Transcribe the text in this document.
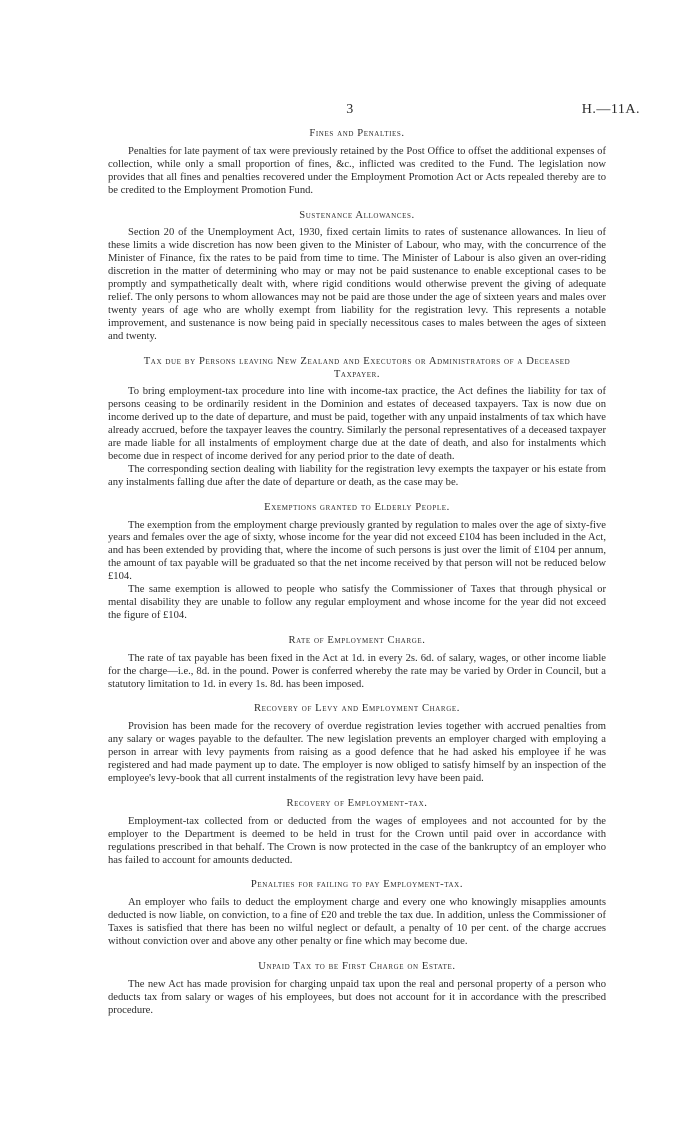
3	H.—11A.
Fines and Penalties.

Penalties for late payment of tax were previously retained by the Post Office to offset the additional expenses of collection, while only a small proportion of fines, &c., inflicted was credited to the Fund. The legislation now provides that all fines and penalties recovered under the Employment Promotion Act or Acts repealed thereby are to be credited to the Employment Promotion Fund.

Sustenance Allowances.

Section 20 of the Unemployment Act, 1930, fixed certain limits to rates of sustenance allowances. In lieu of these limits a wide discretion has now been given to the Minister of Labour, who may, with the concurrence of the Minister of Finance, fix the rates to be paid from time to time. The Minister of Labour is also given an over-riding discretion in the matter of determining who may or may not be paid sustenance to enable exceptional cases to be promptly and sympathetically dealt with, where rigid conditions would otherwise prevent the giving of adequate relief. The only persons to whom allowances may not be paid are those under the age of sixteen years and males over twenty years of age who are wholly exempt from liability for the registration levy. This represents a notable improvement, and sustenance is now being paid in specially necessitous cases to males between the ages of sixteen and twenty.

Tax due by Persons leaving New Zealand and Executors or Administrators of a Deceased Taxpayer.

To bring employment-tax procedure into line with income-tax practice, the Act defines the liability for tax of persons ceasing to be ordinarily resident in the Dominion and estates of deceased taxpayers. Tax is now due on income derived up to the date of departure, and must be paid, together with any unpaid instalments of tax which have already accrued, before the taxpayer leaves the country. Similarly the personal representatives of a deceased taxpayer are made liable for all instalments of employment charge due at the date of death, and also for instalments which become due in respect of income derived for any period prior to the date of death.

The corresponding section dealing with liability for the registration levy exempts the taxpayer or his estate from any instalments falling due after the date of departure or death, as the case may be.

Exemptions granted to Elderly People.

The exemption from the employment charge previously granted by regulation to males over the age of sixty-five years and females over the age of sixty, whose income for the year did not exceed £104 has been included in the Act, and has been extended by providing that, where the income of such persons is just over the limit of £104 per annum, the amount of tax payable will be graduated so that the net income received by that person will not be reduced below £104.

The same exemption is allowed to people who satisfy the Commissioner of Taxes that through physical or mental disability they are unable to follow any regular employment and whose income for the year did not exceed the figure of £104.

Rate of Employment Charge.

The rate of tax payable has been fixed in the Act at 1d. in every 2s. 6d. of salary, wages, or other income liable for the charge—i.e., 8d. in the pound. Power is conferred whereby the rate may be varied by Order in Council, but a statutory limitation to 1d. in every 1s. 8d. has been imposed.

Recovery of Levy and Employment Charge.

Provision has been made for the recovery of overdue registration levies together with accrued penalties from any salary or wages payable to the defaulter. The new legislation prevents an employer charged with employing a person in arrear with levy payments from raising as a good defence that he had asked his employee if he was registered and had made payment up to date. The employer is now obliged to satisfy himself by an inspection of the employee's levy-book that all current instalments of the registration levy have been paid.

Recovery of Employment-tax.

Employment-tax collected from or deducted from the wages of employees and not accounted for by the employer to the Department is deemed to be held in trust for the Crown until paid over in accordance with regulations prescribed in that behalf. The Crown is now protected in the case of the bankruptcy of an employer who has failed to account for amounts deducted.

Penalties for failing to pay Employment-tax.

An employer who fails to deduct the employment charge and every one who knowingly misapplies amounts deducted is now liable, on conviction, to a fine of £20 and treble the tax due. In addition, unless the Commissioner of Taxes is satisfied that there has been no wilful neglect or default, a penalty of 10 per cent. of the charge accrues without conviction over and above any other penalty or fine which may become due.

Unpaid Tax to be First Charge on Estate.

The new Act has made provision for charging unpaid tax upon the real and personal property of a person who deducts tax from salary or wages of his employees, but does not account for it in accordance with the prescribed procedure.
